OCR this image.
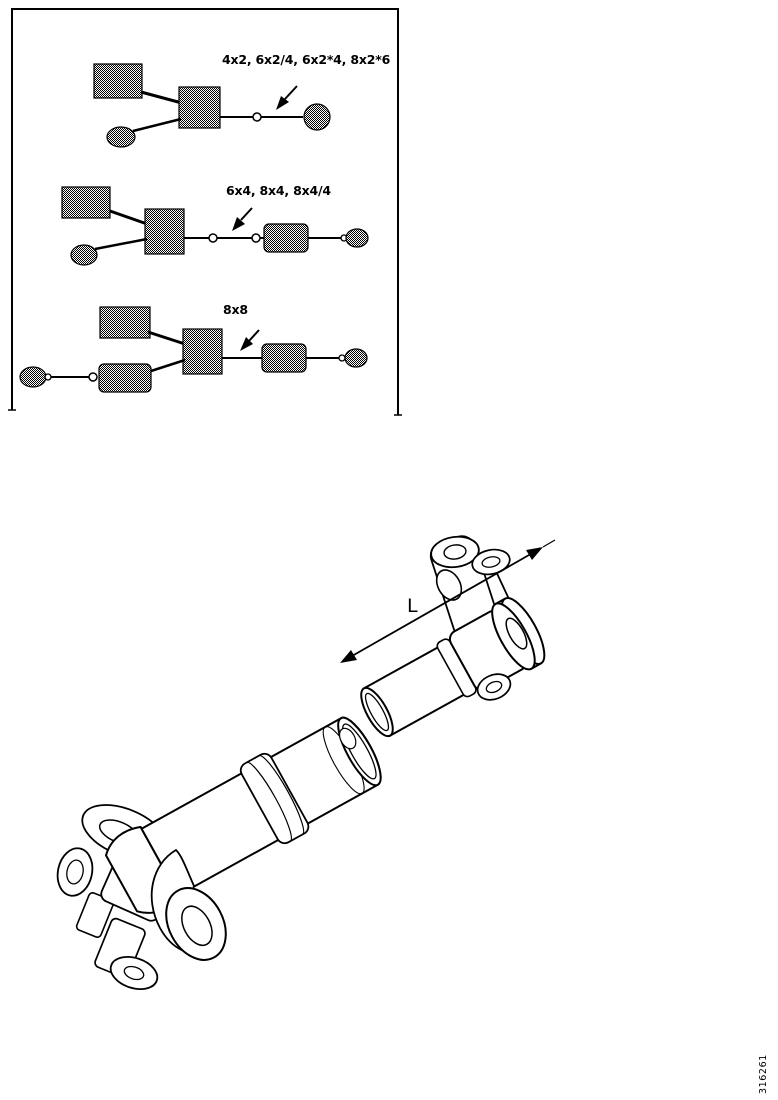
4x2, 6x2/4, 6x2*4, 8x2*6
6x4, 8x4, 8x4/4
8x8
L
316261
